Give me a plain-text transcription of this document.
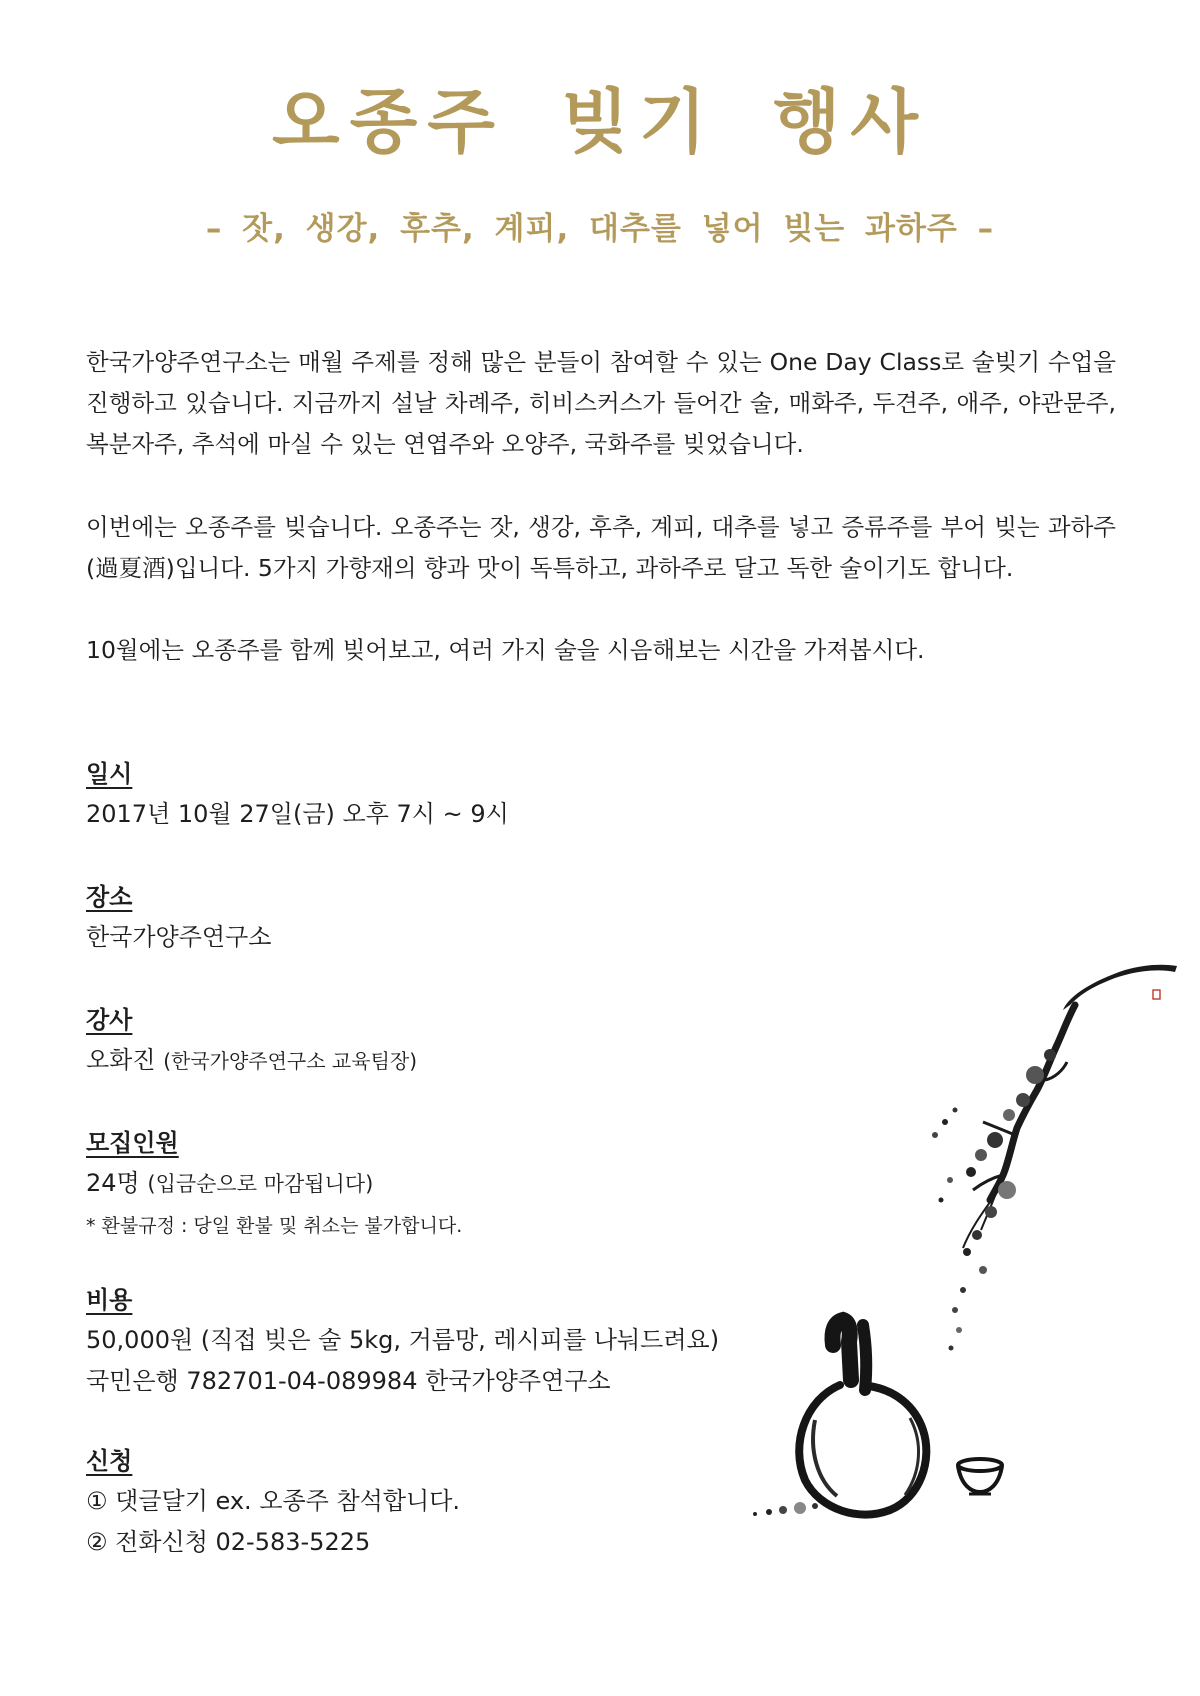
오종주 빚기 행사
– 잣, 생강, 후추, 계피, 대추를 넣어 빚는 과하주 –

한국가양주연구소는 매월 주제를 정해 많은 분들이 참여할 수 있는 One Day Class로 술빚기 수업을 진행하고 있습니다. 지금까지 설날 차례주, 히비스커스가 들어간 술, 매화주, 두견주, 애주, 야관문주, 복분자주, 추석에 마실 수 있는 연엽주와 오양주, 국화주를 빚었습니다.

이번에는 오종주를 빚습니다. 오종주는 잣, 생강, 후추, 계피, 대추를 넣고 증류주를 부어 빚는 과하주(過夏酒)입니다. 5가지 가향재의 향과 맛이 독특하고, 과하주로 달고 독한 술이기도 합니다.

10월에는 오종주를 함께 빚어보고, 여러 가지 술을 시음해보는 시간을 가져봅시다.

일시

2017년 10월 27일(금) 오후 7시 ~ 9시

장소

한국가양주연구소

강사

오화진 (한국가양주연구소 교육팀장)

모집인원

24명 (입금순으로 마감됩니다)

* 환불규정 : 당일 환불 및 취소는 불가합니다.

비용

50,000원 (직접 빚은 술 5kg, 거름망, 레시피를 나눠드려요)

국민은행 782701-04-089984 한국가양주연구소

신청

① 댓글달기 ex. 오종주 참석합니다.

② 전화신청 02-583-5225
